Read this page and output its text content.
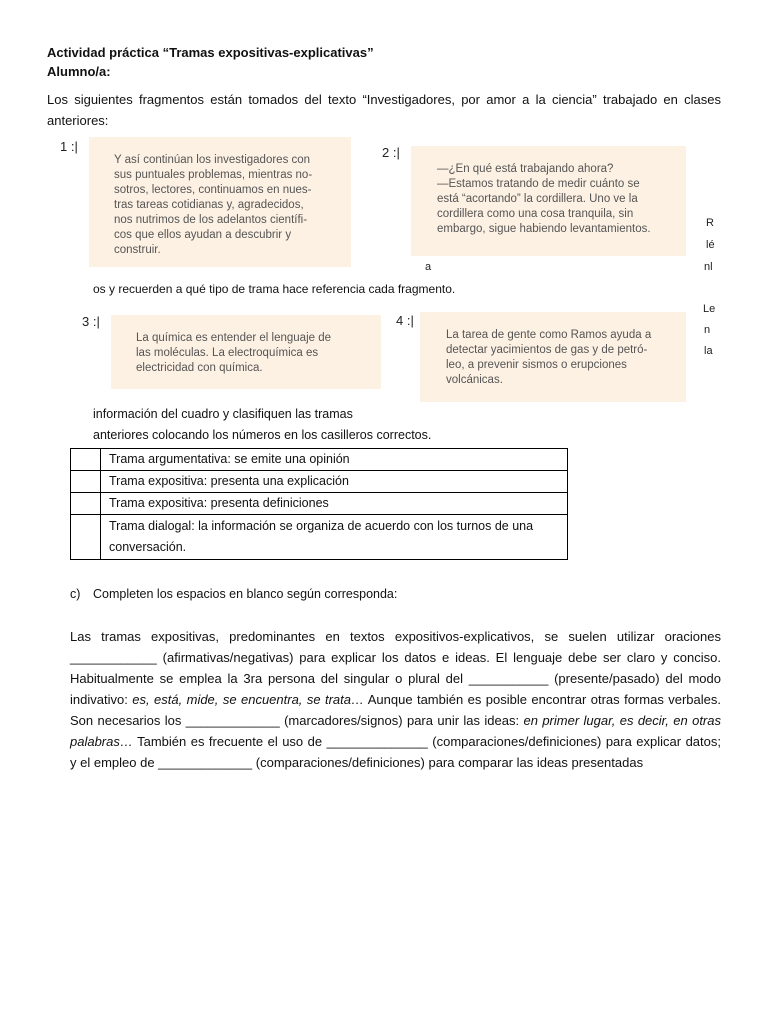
Actividad práctica “Tramas expositivas-explicativas”
Alumno/a:
Los siguientes fragmentos están tomados del texto “Investigadores, por amor a la ciencia” trabajado en clases anteriores:
1 :|
Y así continúan los investigadores con
sus puntuales problemas, mientras no-
sotros, lectores, continuamos en nues-
tras tareas cotidianas y, agradecidos,
nos nutrimos de los adelantos científi-
cos que ellos ayudan a descubrir y
construir.
2 :|
—¿En qué está trabajando ahora?
—Estamos tratando de medir cuánto se
está “acortando” la cordillera. Uno ve la
cordillera como una cosa tranquila, sin
embargo, sigue habiendo levantamientos.	R
lé
a	nl
Le
n
la
os y recuerden a qué tipo de trama hace referencia cada fragmento.
3 :|
La química es entender el lenguaje de
las moléculas. La electroquímica es
electricidad con química.
4 :|
La tarea de gente como Ramos ayuda a
detectar yacimientos de gas y de petró-
leo, a prevenir sismos o erupciones
volcánicas.
información del cuadro y clasifiquen las tramas
anteriores colocando los números en los casilleros correctos.
	Trama argumentativa: se emite una opinión
	Trama expositiva: presenta una explicación
	Trama expositiva: presenta definiciones
	Trama dialogal: la información se organiza de acuerdo con los turnos de una conversación.
c) Completen los espacios en blanco según corresponda:

Las tramas expositivas, predominantes en textos expositivos-explicativos, se suelen utilizar oraciones ____________ (afirmativas/negativas) para explicar los datos e ideas. El lenguaje debe ser claro y conciso. Habitualmente se emplea la 3ra persona del singular o plural del ___________ (presente/pasado) del modo indivativo: es, está, mide, se encuentra, se trata… Aunque también es posible encontrar otras formas verbales. Son necesarios los _____________ (marcadores/signos) para unir las ideas: en primer lugar, es decir, en otras palabras… También es frecuente el uso de ______________ (comparaciones/definiciones) para explicar datos; y el empleo de _____________ (comparaciones/definiciones) para comparar las ideas presentadas
